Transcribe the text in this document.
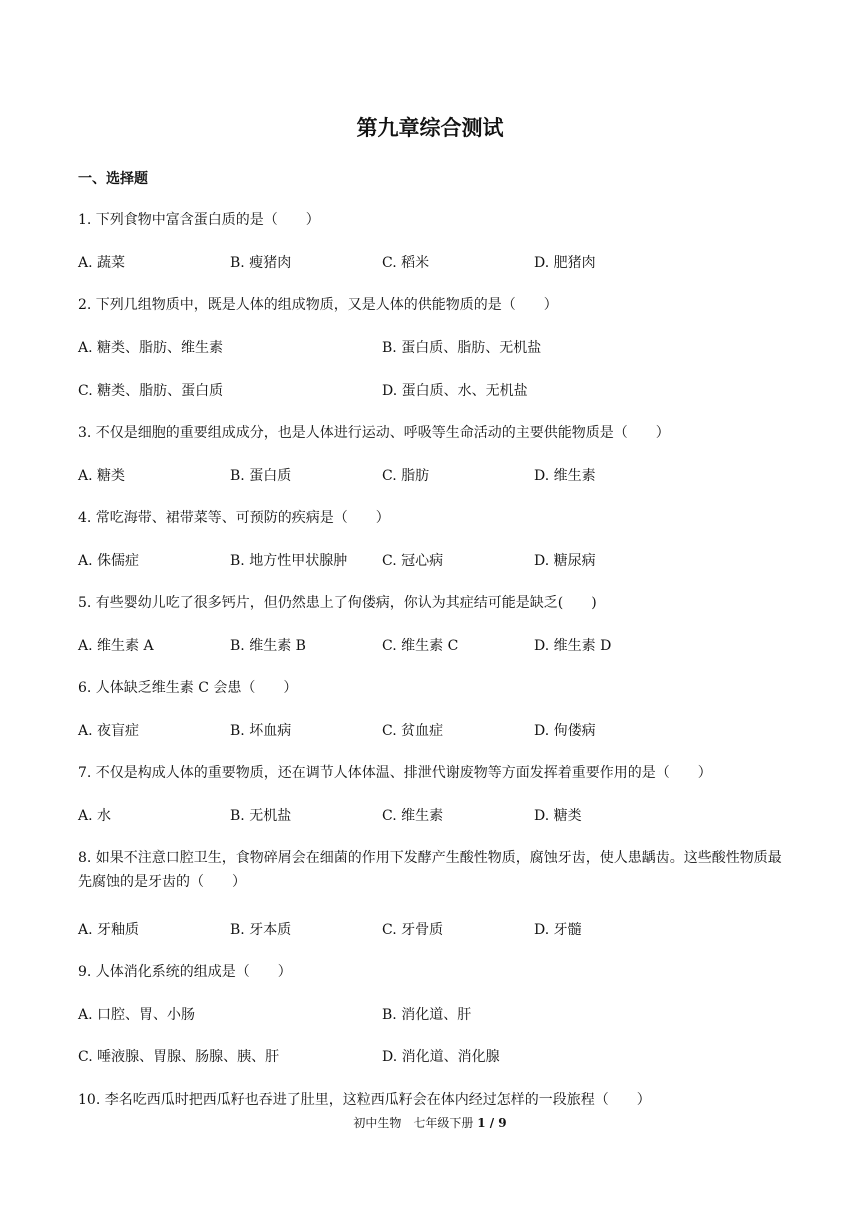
第九章综合测试
一、选择题
1. 下列食物中富含蛋白质的是（　　）
A. 蔬菜	B. 瘦猪肉	C. 稻米	D. 肥猪肉
2. 下列几组物质中，既是人体的组成物质，又是人体的供能物质的是（　　）
A. 糖类、脂肪、维生素	B. 蛋白质、脂肪、无机盐
C. 糖类、脂肪、蛋白质	D. 蛋白质、水、无机盐
3. 不仅是细胞的重要组成成分，也是人体进行运动、呼吸等生命活动的主要供能物质是（　　）
A. 糖类	B. 蛋白质	C. 脂肪	D. 维生素
4. 常吃海带、裙带菜等、可预防的疾病是（　　）
A. 侏儒症	B. 地方性甲状腺肿 C. 冠心病	D. 糖尿病
5. 有些婴幼儿吃了很多钙片，但仍然患上了佝偻病，你认为其症结可能是缺乏(　　)
A. 维生素 A	B. 维生素 B	C. 维生素 C	D. 维生素 D
6. 人体缺乏维生素 C 会患（　　）
A. 夜盲症	B. 坏血病	C. 贫血症	D. 佝偻病
7. 不仅是构成人体的重要物质，还在调节人体体温、排泄代谢废物等方面发挥着重要作用的是（　　）
A. 水	B. 无机盐	C. 维生素	D. 糖类
8. 如果不注意口腔卫生，食物碎屑会在细菌的作用下发酵产生酸性物质，腐蚀牙齿，使人患龋齿。这些酸性物质最先腐蚀的是牙齿的（　　）
A. 牙釉质	B. 牙本质	C. 牙骨质	D. 牙髓
9. 人体消化系统的组成是（　　）
A. 口腔、胃、小肠	B. 消化道、肝
C. 唾液腺、胃腺、肠腺、胰、肝	D. 消化道、消化腺
10. 李名吃西瓜时把西瓜籽也吞进了肚里，这粒西瓜籽会在体内经过怎样的一段旅程（　　）
初中生物　七年级下册 1 / 9
